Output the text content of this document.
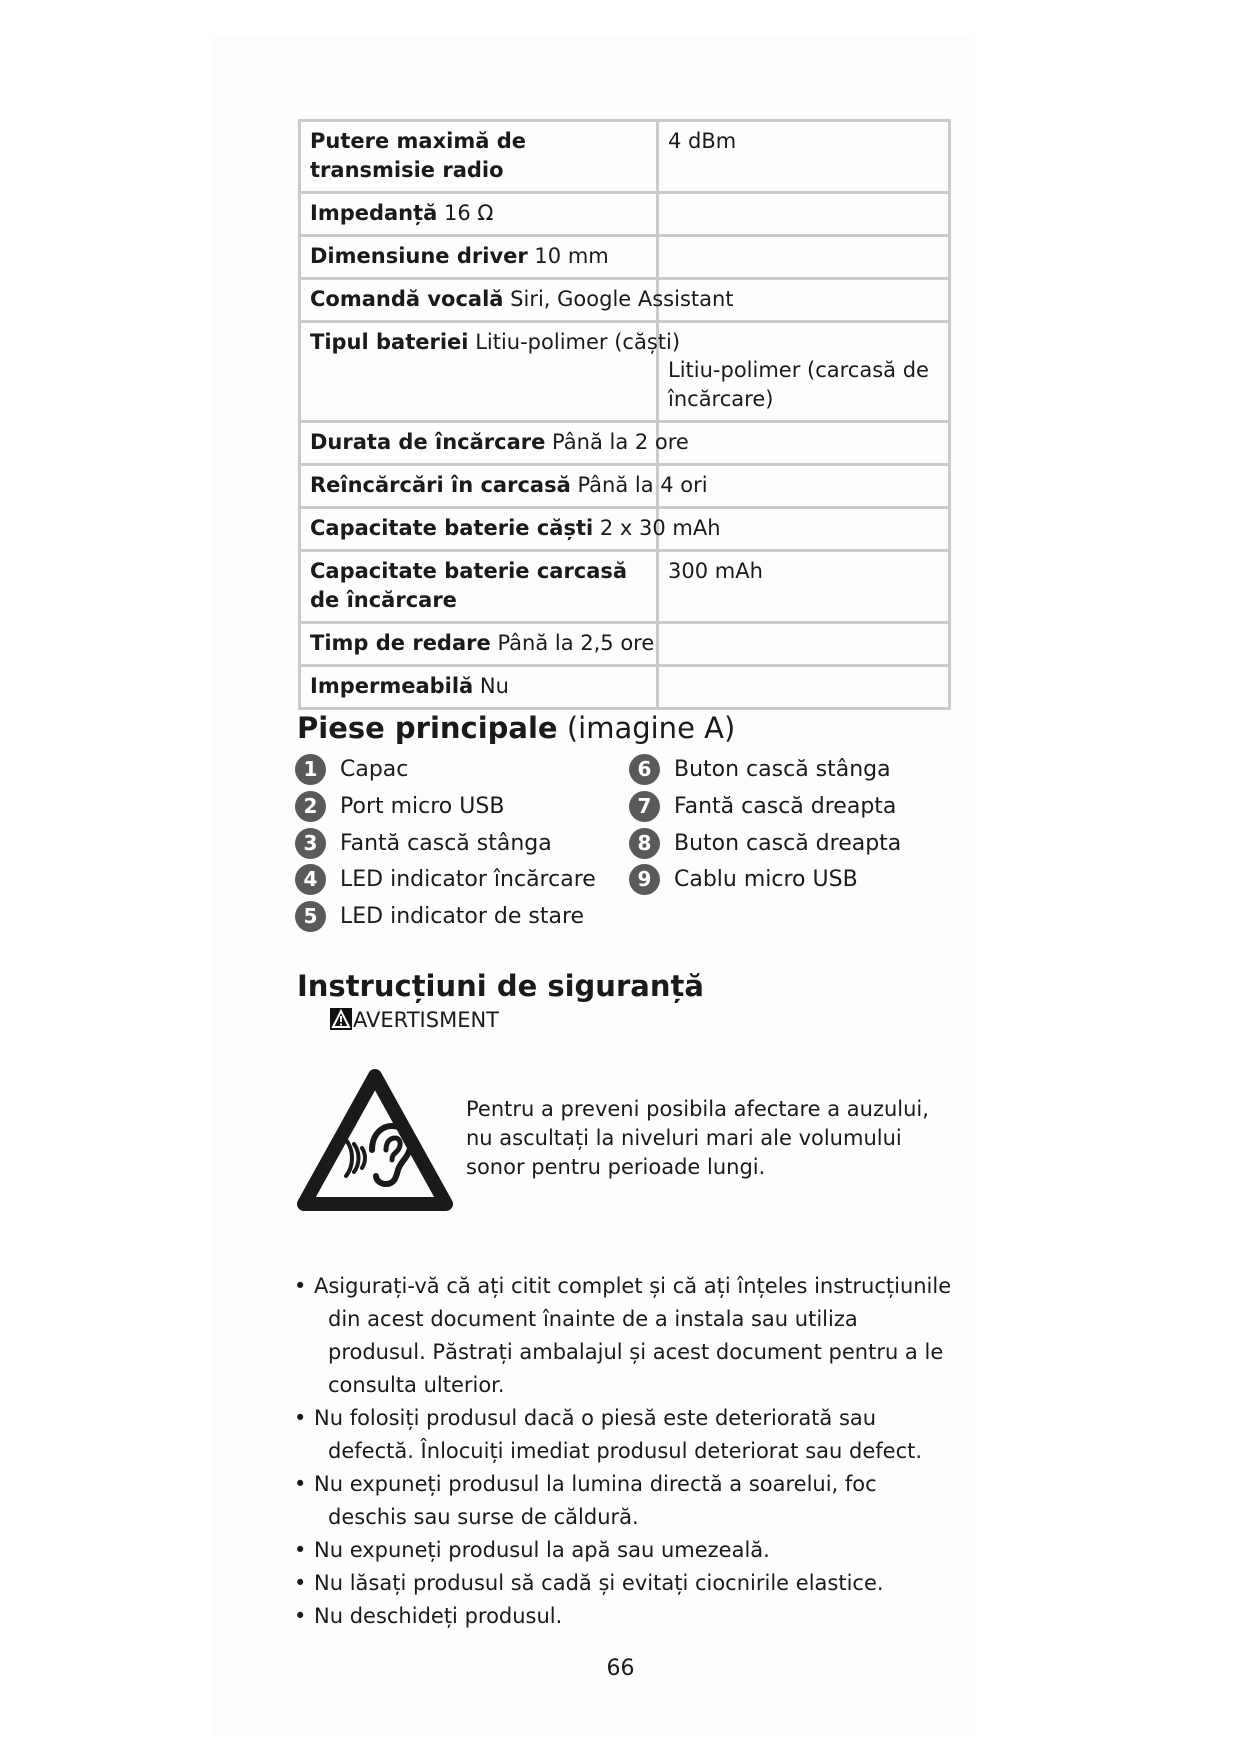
Putere maximă de transmisie radio	4 dBm
Impedanță 16 Ω	
Dimensiune driver 10 mm	
Comandă vocală Siri, Google Assistant	
Tipul bateriei Litiu-polimer (căști)	Litiu-polimer (carcasă de încărcare)
Durata de încărcare Până la 2 ore	
Reîncărcări în carcasă Până la 4 ori	
Capacitate baterie căști 2 x 30 mAh	
Capacitate baterie carcasă de încărcare	300 mAh
Timp de redare Până la 2,5 ore	
Impermeabilă Nu	
Piese principale (imagine A)
1	Capac
2	Port micro USB
3	Fantă cască stânga
4	LED indicator încărcare
5	LED indicator de stare
6	Buton cască stânga
7	Fantă cască dreapta
8	Buton cască dreapta
9	Cablu micro USB
Instrucțiuni de siguranță
AVERTISMENT
Pentru a preveni posibila afectare a auzului, nu ascultați la niveluri mari ale volumului sonor pentru perioade lungi.
• Asigurați-vă că ați citit complet și că ați înțeles instrucțiunile
din acest document înainte de a instala sau utiliza produsul. Păstrați ambalajul și acest document pentru a le consulta ulterior.
• Nu folosiți produsul dacă o piesă este deteriorată sau
defectă. Înlocuiți imediat produsul deteriorat sau defect.
• Nu expuneți produsul la lumina directă a soarelui, foc
deschis sau surse de căldură.
• Nu expuneți produsul la apă sau umezeală.
• Nu lăsați produsul să cadă și evitați ciocnirile elastice.
• Nu deschideți produsul.
66
